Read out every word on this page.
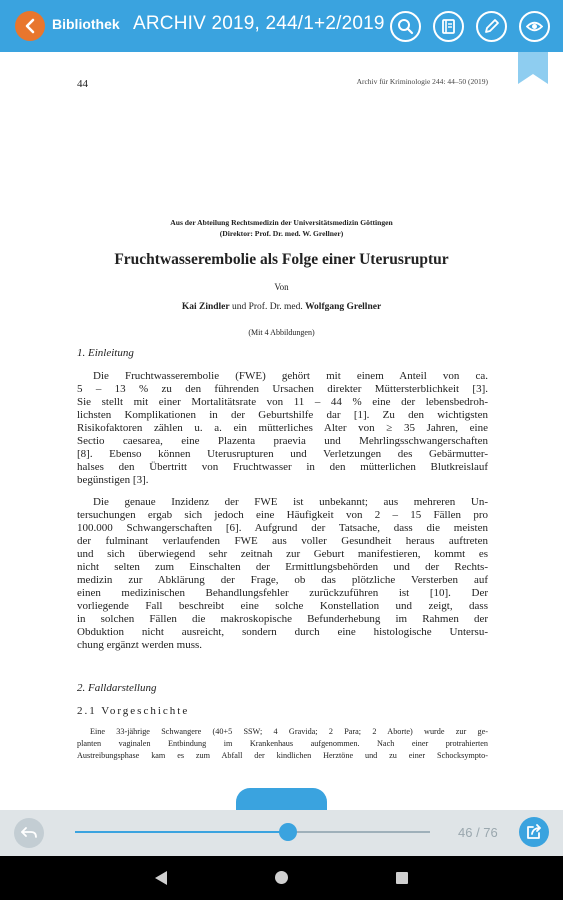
Bibliothek ARCHIV 2019, 244/1+2/2019
44	Archiv für Kriminologie 244: 44–50 (2019)
Aus der Abteilung Rechtsmedizin der Universitätsmedizin Göttingen
(Direktor: Prof. Dr. med. W. Grellner)
Fruchtwasserembolie als Folge einer Uterusruptur
Von
Kai Zindler und Prof. Dr. med. Wolfgang Grellner
(Mit 4 Abbildungen)
1. Einleitung
Die Fruchtwasserembolie (FWE) gehört mit einem Anteil von ca.
5 – 13 % zu den führenden Ursachen direkter Müttersterblichkeit [3].
Sie stellt mit einer Mortalitätsrate von 11 – 44 % eine der lebensbedroh-
lichsten Komplikationen in der Geburtshilfe dar [1]. Zu den wichtigsten
Risikofaktoren zählen u. a. ein mütterliches Alter von ≥ 35 Jahren, eine
Sectio caesarea, eine Plazenta praevia und Mehrlingsschwangerschaften
[8]. Ebenso können Uterusrupturen und Verletzungen des Gebärmutter-
halses den Übertritt von Fruchtwasser in den mütterlichen Blutkreislauf
begünstigen [3].
Die genaue Inzidenz der FWE ist unbekannt; aus mehreren Un-
tersuchungen ergab sich jedoch eine Häufigkeit von 2 – 15 Fällen pro
100.000 Schwangerschaften [6]. Aufgrund der Tatsache, dass die meisten
der fulminant verlaufenden FWE aus voller Gesundheit heraus auftreten
und sich überwiegend sehr zeitnah zur Geburt manifestieren, kommt es
nicht selten zum Einschalten der Ermittlungsbehörden und der Rechts-
medizin zur Abklärung der Frage, ob das plötzliche Versterben auf
einen medizinischen Behandlungsfehler zurückzuführen ist [10]. Der
vorliegende Fall beschreibt eine solche Konstellation und zeigt, dass
in solchen Fällen die makroskopische Befunderhebung im Rahmen der
Obduktion nicht ausreicht, sondern durch eine histologische Untersu-
chung ergänzt werden muss.
2. Falldarstellung
2.1 Vorgeschichte
Eine 33-jährige Schwangere (40+5 SSW; 4 Gravida; 2 Para; 2 Aborte) wurde zur ge-
planten vaginalen Entbindung im Krankenhaus aufgenommen. Nach einer protrahierten
Austreibungsphase kam es zum Abfall der kindlichen Herztöne und zu einer Schocksympto-
46 / 76
